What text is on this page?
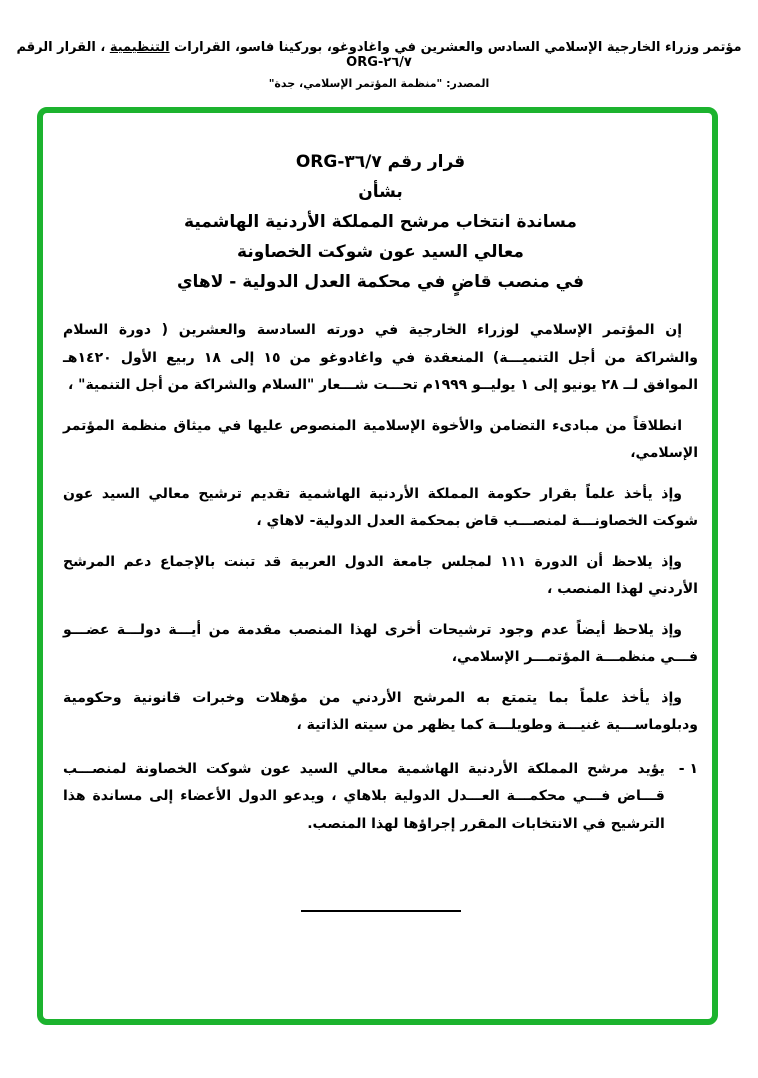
مؤتمر وزراء الخارجية الإسلامي السادس والعشرين في واغادوغو، بوركينا فاسو، القرارات التنظيمية ، القرار الرقم ORG-٢٦/٧
المصدر: "منظمة المؤتمر الإسلامي، جدة"
قرار رقم ORG-٣٦/٧
بشأن
مساندة انتخاب مرشح المملكة الأردنية الهاشمية
معالي السيد عون شوكت الخصاونة
في منصب قاضٍ في محكمة العدل الدولية - لاهاي

إن المؤتمر الإسلامي لوزراء الخارجية في دورته السادسة والعشرين ( دورة السلام والشراكة من أجل التنميـــة) المنعقدة في واغادوغو من ١٥ إلى ١٨ ربيع الأول ١٤٢٠هـ الموافق لــ ٢٨ يونيو إلى ١ يوليــو ١٩٩٩م تحـــت شـــعار "السلام والشراكة من أجل التنمية" ،

انطلاقاً من مبادىء التضامن والأخوة الإسلامية المنصوص عليها في ميثاق منظمة المؤتمر الإسلامي،

وإذ يأخذ علماً بقرار حكومة المملكة الأردنية الهاشمية تقديم ترشيح معالي السيد عون شوكت الخصاونـــة لمنصـــب قاض بمحكمة العدل الدولية- لاهاي ،

وإذ يلاحظ أن الدورة ١١١ لمجلس جامعة الدول العربية قد تبنت بالإجماع دعم المرشح الأردني لهذا المنصب ،

وإذ يلاحظ أيضاً عدم وجود ترشيحات أخرى لهذا المنصب مقدمة من أيـــة دولـــة عضـــو فـــي منظمـــة المؤتمـــر الإسلامي،

وإذ يأخذ علماً بما يتمتع به المرشح الأردني من مؤهلات وخبرات قانونية وحكومية ودبلوماســـية غنيـــة وطويلـــة كما يظهر من سيته الذاتية ،

١ -
يؤيد مرشح المملكة الأردنية الهاشمية معالي السيد عون شوكت الخصاونة لمنصـــب قـــاض فـــي محكمـــة العـــدل الدولية بلاهاي ، ويدعو الدول الأعضاء إلى مساندة هذا الترشيح في الانتخابات المقرر إجراؤها لهذا المنصب.
